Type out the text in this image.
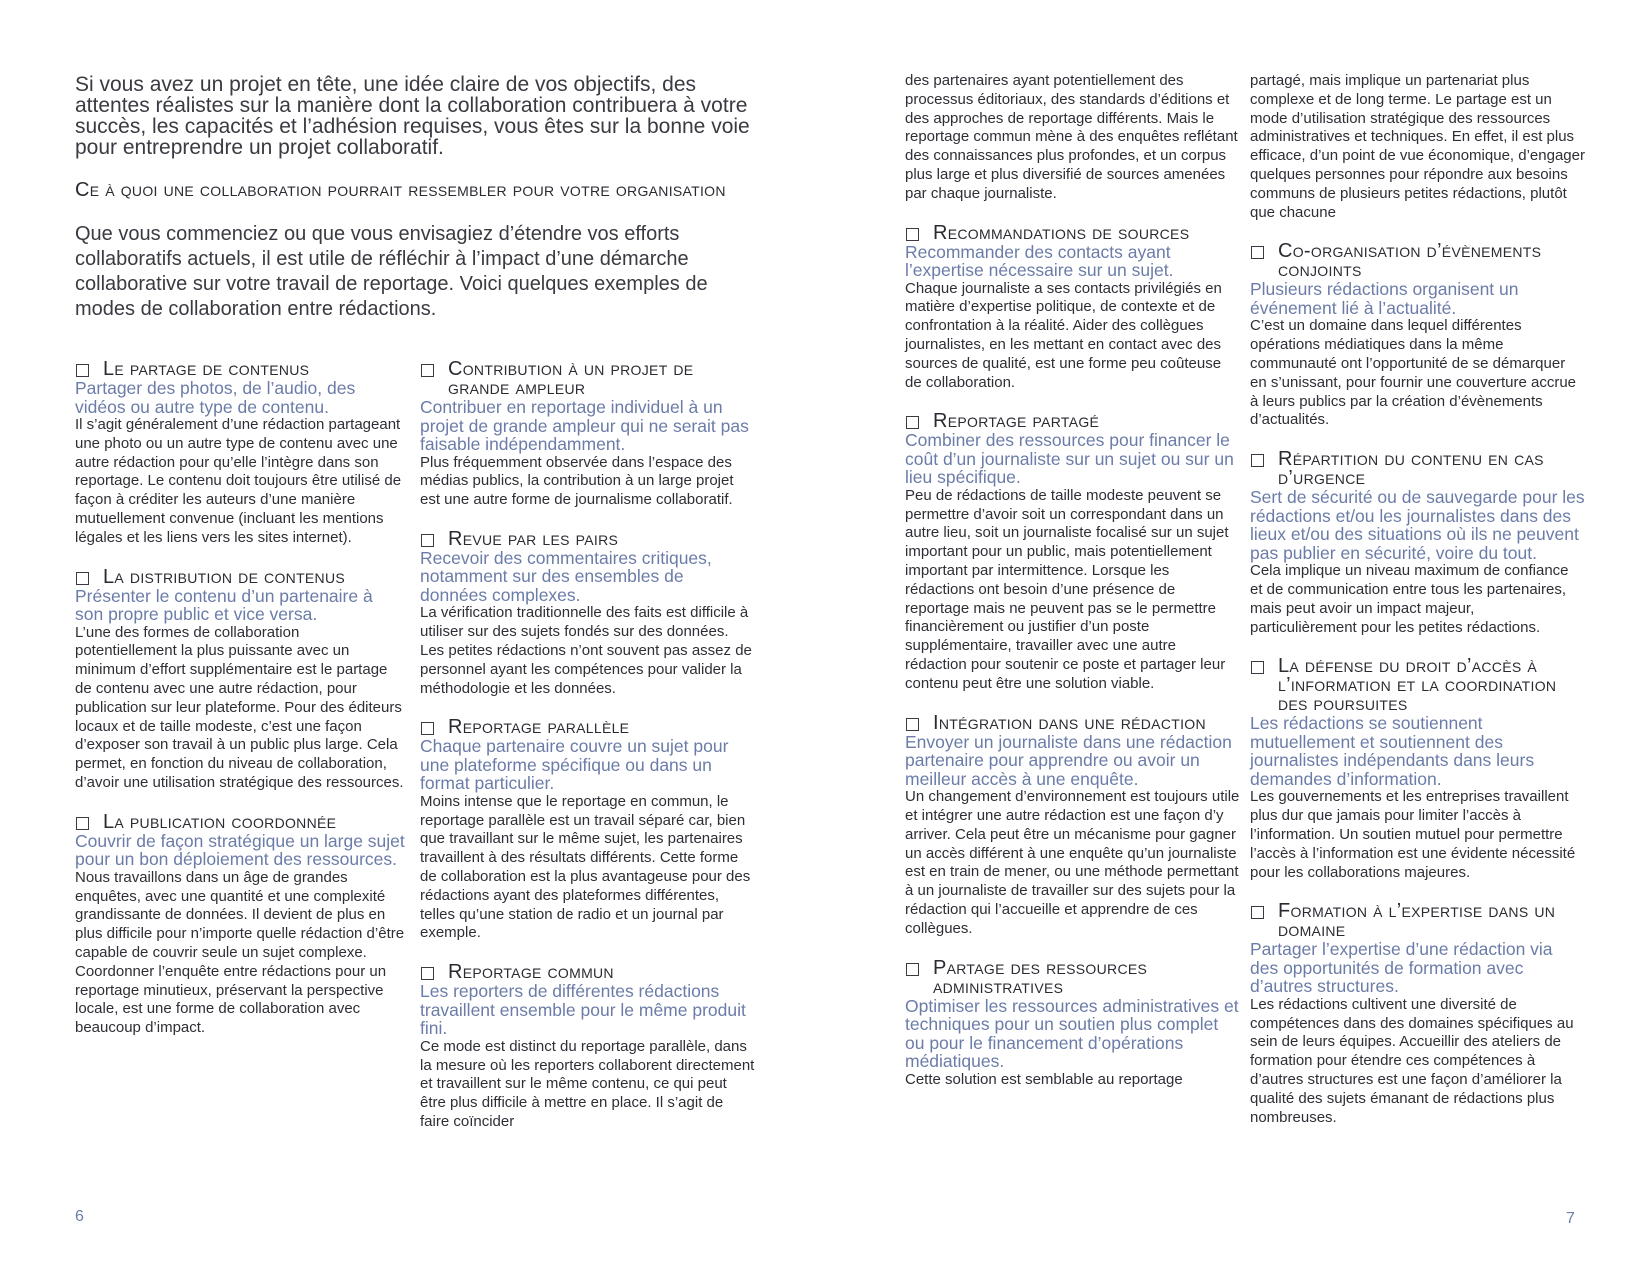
Si vous avez un projet en tête, une idée claire de vos objectifs, des attentes réalistes sur la manière dont la collaboration contribuera à votre succès, les capacités et l’adhésion requises, vous êtes sur la bonne voie pour entreprendre un projet collaboratif.

Ce à quoi une collaboration pourrait ressembler pour votre organisation

Que vous commenciez ou que vous envisagiez d’étendre vos efforts collaboratifs actuels, il est utile de réfléchir à l’impact d’une démarche collaborative sur votre travail de reportage. Voici quelques exemples de modes de collaboration entre rédactions.

Le partage de contenus

Partager des photos, de l’audio, des vidéos ou autre type de contenu.

Il s’agit généralement d’une rédaction partageant une photo ou un autre type de contenu avec une autre rédaction pour qu’elle l’intègre dans son reportage. Le contenu doit toujours être utilisé de façon à créditer les auteurs d’une manière mutuellement convenue (incluant les mentions légales et les liens vers les sites internet).

La distribution de contenus

Présenter le contenu d’un partenaire à son propre public et vice versa.

L’une des formes de collaboration potentiellement la plus puissante avec un minimum d’effort supplémentaire est le partage de contenu avec une autre rédaction, pour publication sur leur plateforme. Pour des éditeurs locaux et de taille modeste, c’est une façon d’exposer son travail à un public plus large. Cela permet, en fonction du niveau de collaboration, d’avoir une utilisation stratégique des ressources.

La publication coordonnée

Couvrir de façon stratégique un large sujet pour un bon déploiement des ressources.

Nous travaillons dans un âge de grandes enquêtes, avec une quantité et une complexité grandissante de données. Il devient de plus en plus difficile pour n’importe quelle rédaction d’être capable de couvrir seule un sujet complexe. Coordonner l’enquête entre rédactions pour un reportage minutieux, préservant la perspective locale, est une forme de collaboration avec beaucoup d’impact.

Contribution à un projet de grande ampleur

Contribuer en reportage individuel à un projet de grande ampleur qui ne serait pas faisable indépendamment.

Plus fréquemment observée dans l’espace des médias publics, la contribution à un large projet est une autre forme de journalisme collaboratif.

Revue par les pairs

Recevoir des commentaires critiques, notamment sur des ensembles de données complexes.

La vérification traditionnelle des faits est difficile à utiliser sur des sujets fondés sur des données. Les petites rédactions n’ont souvent pas assez de personnel ayant les compétences pour valider la méthodologie et les données.

Reportage parallèle

Chaque partenaire couvre un sujet pour une plateforme spécifique ou dans un format particulier.

Moins intense que le reportage en commun, le reportage parallèle est un travail séparé car, bien que travaillant sur le même sujet, les partenaires travaillent à des résultats différents. Cette forme de collaboration est la plus avantageuse pour des rédactions ayant des plateformes différentes, telles qu’une station de radio et un journal par exemple.

Reportage commun

Les reporters de différentes rédactions travaillent ensemble pour le même produit fini.

Ce mode est distinct du reportage parallèle, dans la mesure où les reporters collaborent directement et travaillent sur le même contenu, ce qui peut être plus difficile à mettre en place. Il s’agit de faire coïncider

6

des partenaires ayant potentiellement des processus éditoriaux, des standards d’éditions et des approches de reportage différents. Mais le reportage commun mène à des enquêtes reflétant des connaissances plus profondes, et un corpus plus large et plus diversifié de sources amenées par chaque journaliste.

Recommandations de sources

Recommander des contacts ayant l’expertise nécessaire sur un sujet.

Chaque journaliste a ses contacts privilégiés en matière d’expertise politique, de contexte et de confrontation à la réalité. Aider des collègues journalistes, en les mettant en contact avec des sources de qualité, est une forme peu coûteuse de collaboration.

Reportage partagé

Combiner des ressources pour financer le coût d’un journaliste sur un sujet ou sur un lieu spécifique.

Peu de rédactions de taille modeste peuvent se permettre d’avoir soit un correspondant dans un autre lieu, soit un journaliste focalisé sur un sujet important pour un public, mais potentiellement important par intermittence. Lorsque les rédactions ont besoin d’une présence de reportage mais ne peuvent pas se le permettre financièrement ou justifier d’un poste supplémentaire, travailler avec une autre rédaction pour soutenir ce poste et partager leur contenu peut être une solution viable.

Intégration dans une rédaction

Envoyer un journaliste dans une rédaction partenaire pour apprendre ou avoir un meilleur accès à une enquête.

Un changement d’environnement est toujours utile et intégrer une autre rédaction est une façon d’y arriver. Cela peut être un mécanisme pour gagner un accès différent à une enquête qu’un journaliste est en train de mener, ou une méthode permettant à un journaliste de travailler sur des sujets pour la rédaction qui l’accueille et apprendre de ces collègues.

Partage des ressources administratives

Optimiser les ressources administratives et techniques pour un soutien plus complet ou pour le financement d’opérations médiatiques.

Cette solution est semblable au reportage

partagé, mais implique un partenariat plus complexe et de long terme. Le partage est un mode d’utilisation stratégique des ressources administratives et techniques. En effet, il est plus efficace, d’un point de vue économique, d’engager quelques personnes pour répondre aux besoins communs de plusieurs petites rédactions, plutôt que chacune

Co-organisation d’évènements conjoints

Plusieurs rédactions organisent un événement lié à l’actualité.

C’est un domaine dans lequel différentes opérations médiatiques dans la même communauté ont l’opportunité de se démarquer en s’unissant, pour fournir une couverture accrue à leurs publics par la création d’évènements d’actualités.

Répartition du contenu en cas d’urgence

Sert de sécurité ou de sauvegarde pour les rédactions et/ou les journalistes dans des lieux et/ou des situations où ils ne peuvent pas publier en sécurité, voire du tout.

Cela implique un niveau maximum de confiance et de communication entre tous les partenaires, mais peut avoir un impact majeur, particulièrement pour les petites rédactions.

La défense du droit d’accès à l’information et la coordination des poursuites

Les rédactions se soutiennent mutuellement et soutiennent des journalistes indépendants dans leurs demandes d’information.

Les gouvernements et les entreprises travaillent plus dur que jamais pour limiter l’accès à l’information. Un soutien mutuel pour permettre l’accès à l’information est une évidente nécessité pour les collaborations majeures.

Formation à l’expertise dans un domaine

Partager l’expertise d’une rédaction via des opportunités de formation avec d’autres structures.

Les rédactions cultivent une diversité de compétences dans des domaines spécifiques au sein de leurs équipes. Accueillir des ateliers de formation pour étendre ces compétences à d’autres structures est une façon d’améliorer la qualité des sujets émanant de rédactions plus nombreuses.

7
